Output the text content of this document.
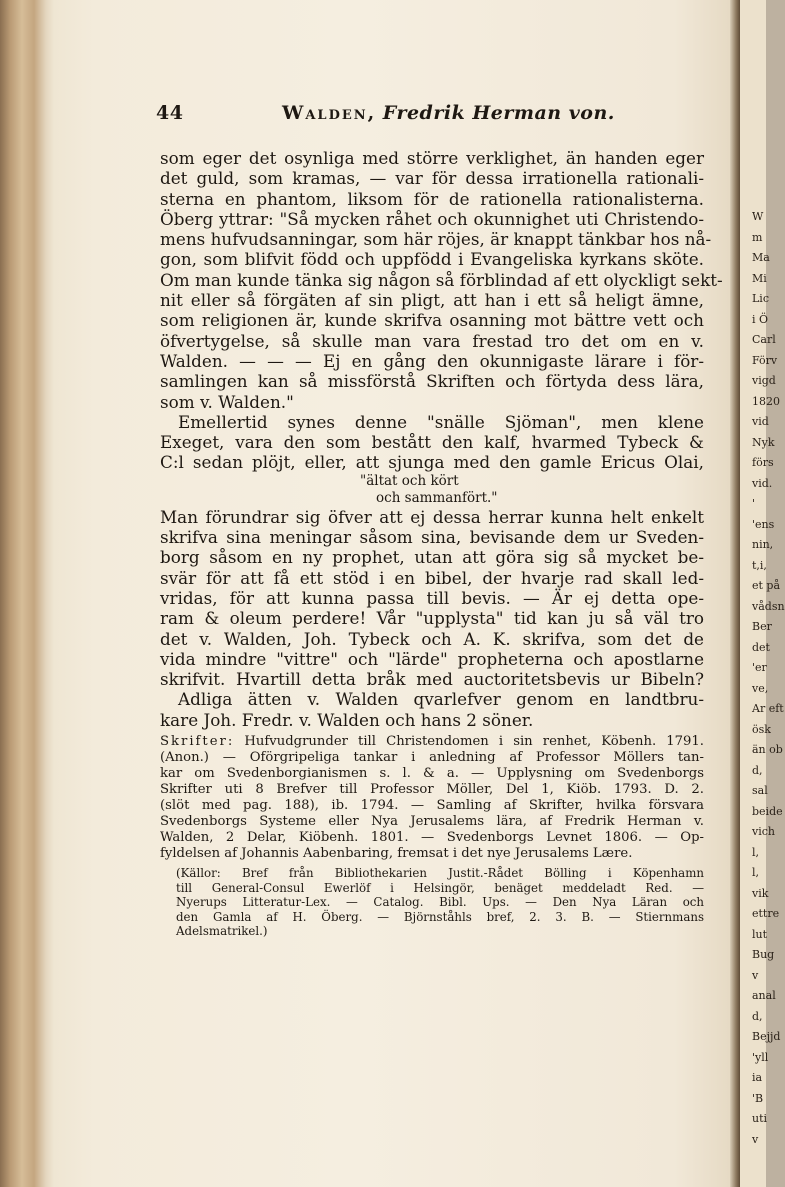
W
m
Ma
Mi
Lic
i Ö
Carl
Förv
vigd
1820
vid
Nyk
förs
vid.
'
'ens
nin,
t,i,
et på
vådsn
Ber
det
'er
ve,
Ar eft
ösk
än ob
d,
sal
beide
vich
l,
l,
vik
ettre
lut
Bug
v
anal
d,
Bejjd
'yll
ia
'B
uti
v
44	Walden, Fredrik Herman von.
som eger det osynliga med större verklighet, än handen eger
det guld, som kramas, — var för dessa irrationella rationali-
sterna en phantom, liksom för de rationella rationalisterna.
Öberg yttrar: "Så mycken råhet och okunnighet uti Christendo-
mens hufvudsanningar, som här röjes, är knappt tänkbar hos nå-
gon, som blifvit född och uppfödd i Evangeliska kyrkans sköte.
Om man kunde tänka sig någon så förblindad af ett olyckligt sekt-
nit eller så förgäten af sin pligt, att han i ett så heligt ämne,
som religionen är, kunde skrifva osanning mot bättre vett och
öfvertygelse, så skulle man vara frestad tro det om en v.
Walden. — — — Ej en gång den okunnigaste lärare i för-
samlingen kan så missförstå Skriften och förtyda dess lära,
som v. Walden."
Emellertid synes denne "snälle Sjöman", men klene
Exeget, vara den som bestått den kalf, hvarmed Tybeck &
C:l sedan plöjt, eller, att sjunga med den gamle Ericus Olai,
"ältat och kört
och sammanfört."
Man förundrar sig öfver att ej dessa herrar kunna helt enkelt
skrifva sina meningar såsom sina, bevisande dem ur Sveden-
borg såsom en ny prophet, utan att göra sig så mycket be-
svär för att få ett stöd i en bibel, der hvarje rad skall led-
vridas, för att kunna passa till bevis. — Är ej detta ope-
ram & oleum perdere! Vår "upplysta" tid kan ju så väl tro
det v. Walden, Joh. Tybeck och A. K. skrifva, som det de
vida mindre "vittre" och "lärde" propheterna och apostlarne
skrifvit. Hvartill detta bråk med auctoritetsbevis ur Bibeln?
Adliga ätten v. Walden qvarlefver genom en landtbru-
kare Joh. Fredr. v. Walden och hans 2 söner.
Skrifter: Hufvudgrunder till Christendomen i sin renhet, Köbenh. 1791.
(Anon.) — Oförgripeliga tankar i anledning af Professor Möllers tan-
kar om Svedenborgianismen s. l. & a. — Upplysning om Svedenborgs
Skrifter uti 8 Brefver till Professor Möller, Del 1, Kiöb. 1793. D. 2.
(slöt med pag. 188), ib. 1794. — Samling af Skrifter, hvilka försvara
Svedenborgs Systeme eller Nya Jerusalems lära, af Fredrik Herman v.
Walden, 2 Delar, Kiöbenh. 1801. — Svedenborgs Levnet 1806. — Op-
fyldelsen af Johannis Aabenbaring, fremsat i det nye Jerusalems Lære.
(Källor: Bref från Bibliothekarien Justit.-Rådet Bölling i Köpenhamn
till General-Consul Ewerlöf i Helsingör, benäget meddeladt Red. —
Nyerups Litteratur-Lex. — Catalog. Bibl. Ups. — Den Nya Läran och
den Gamla af H. Öberg. — Björnståhls bref, 2. 3. B. — Stiernmans
Adelsmatrikel.)
